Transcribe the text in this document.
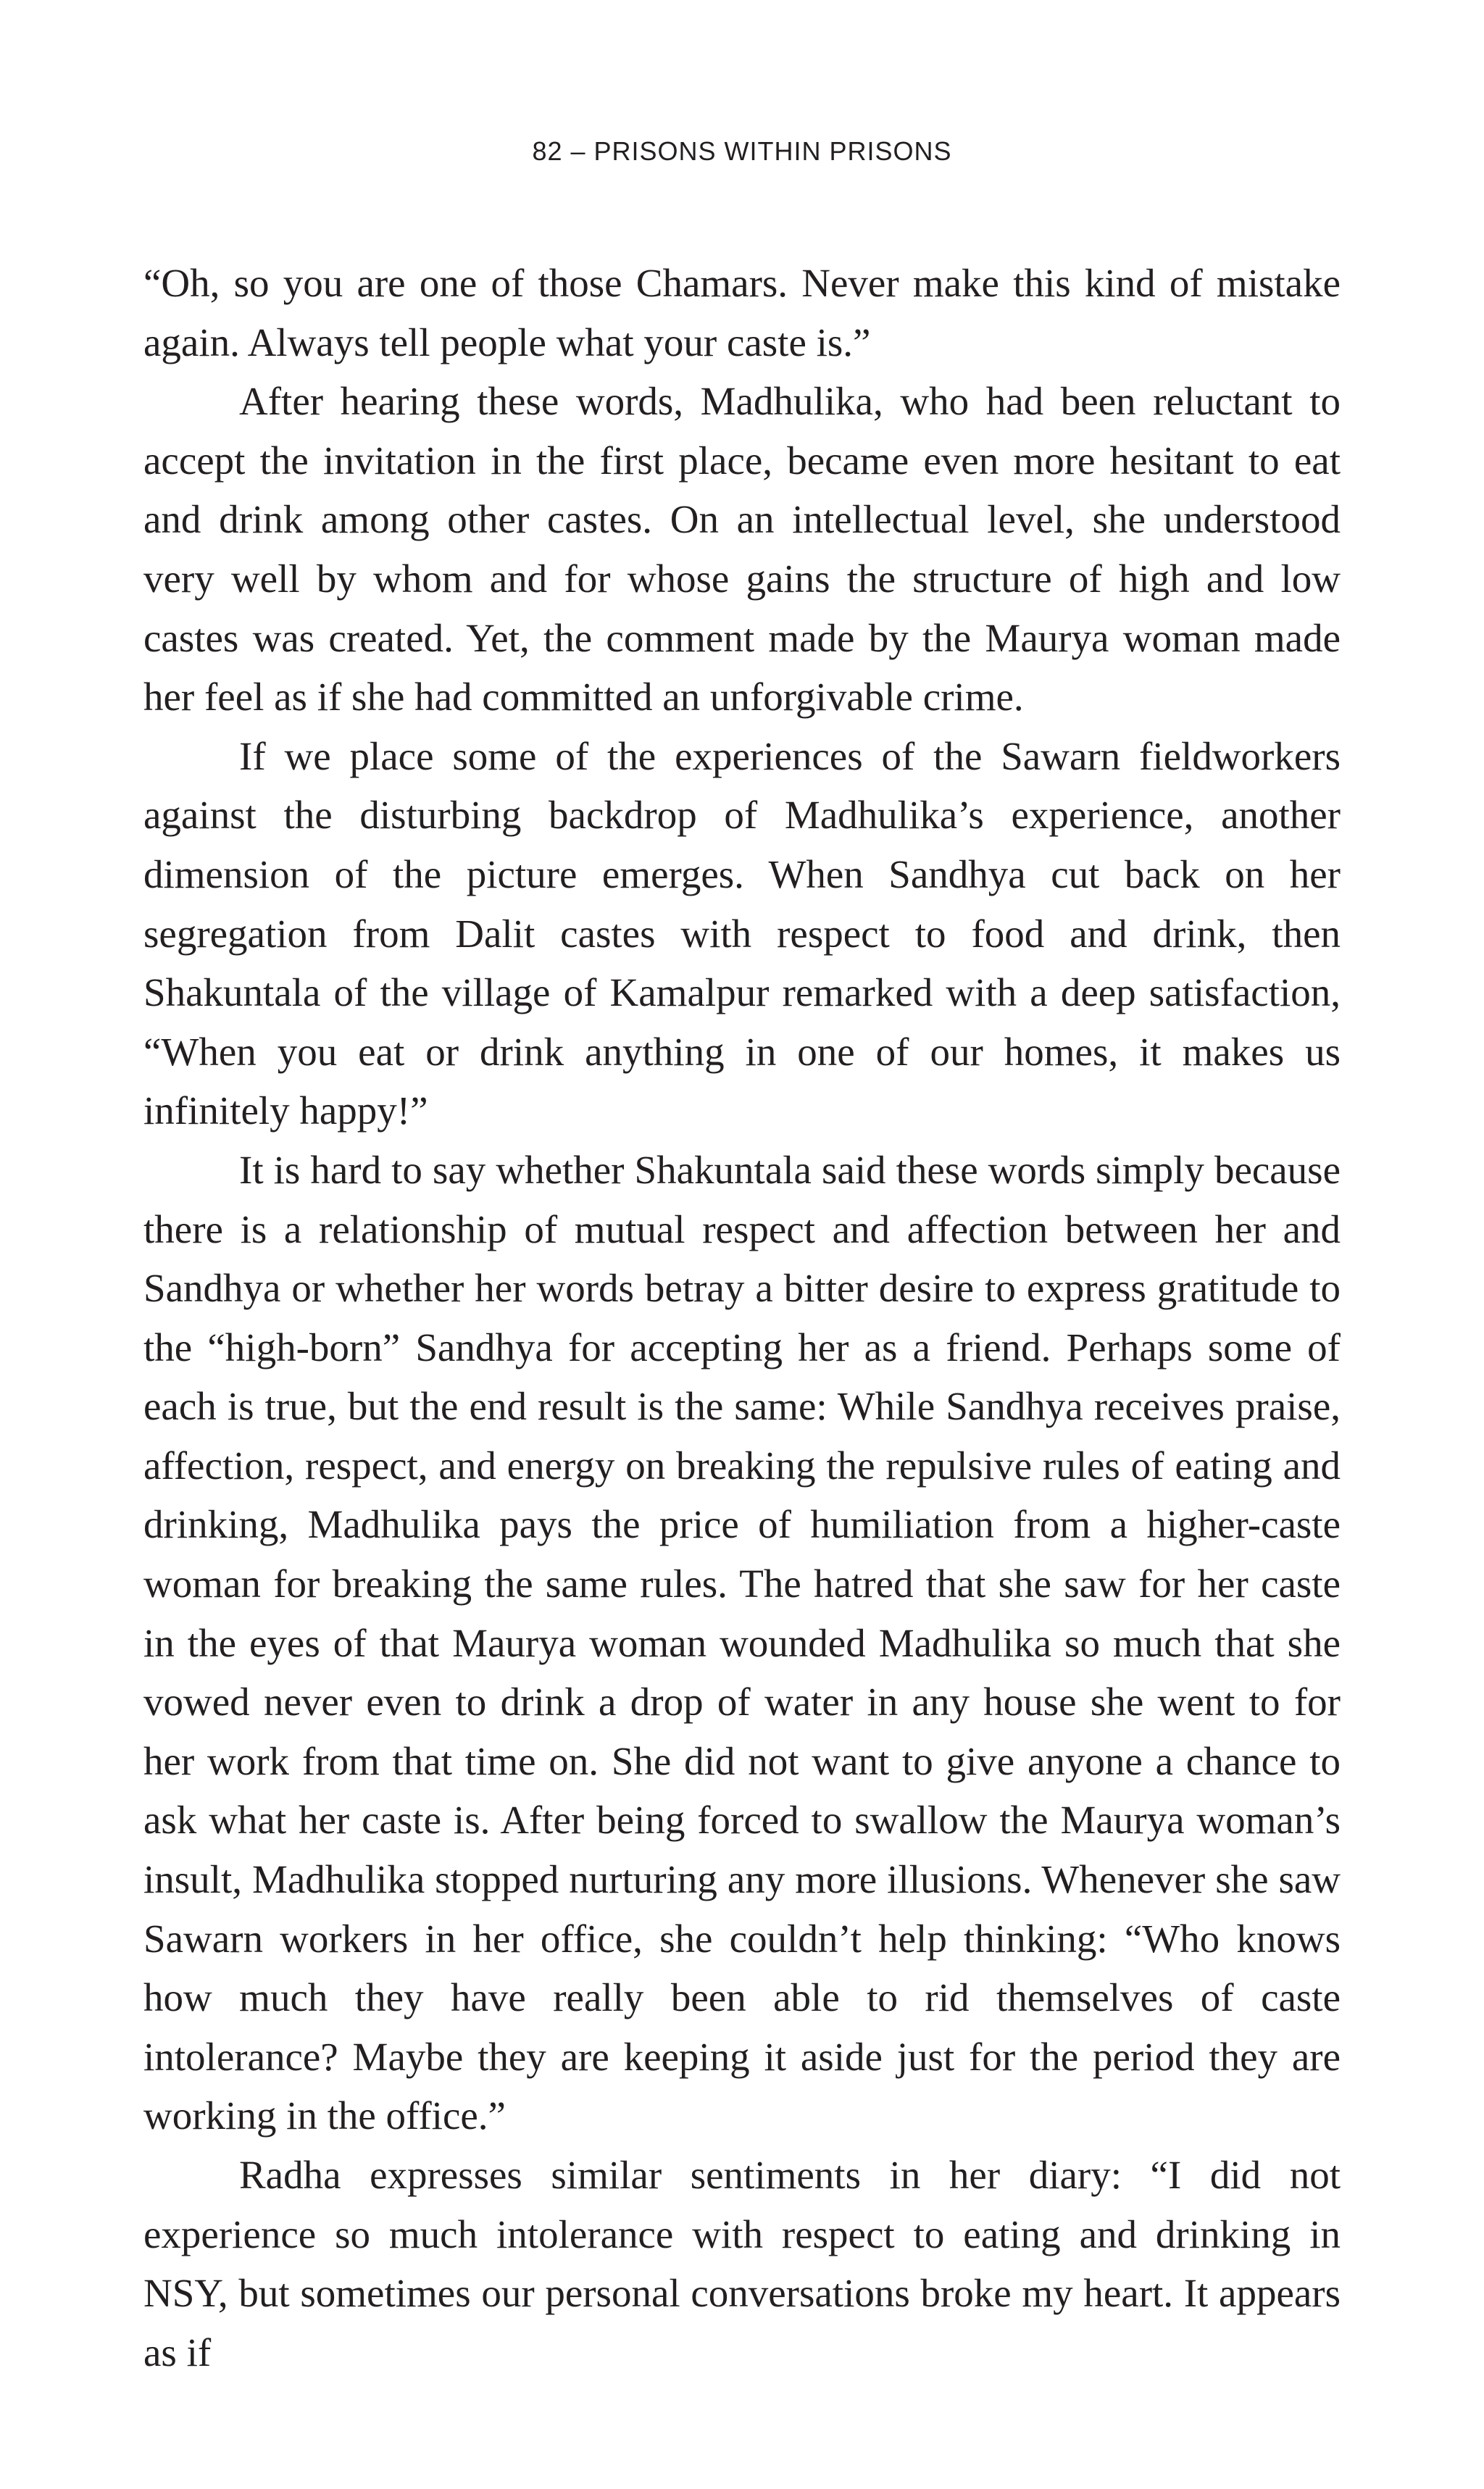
82 – PRISONS WITHIN PRISONS

“Oh, so you are one of those Chamars. Never make this kind of mistake again. Always tell people what your caste is.”

After hearing these words, Madhulika, who had been reluctant to accept the invitation in the first place, became even more hesitant to eat and drink among other castes. On an intellectual level, she understood very well by whom and for whose gains the structure of high and low castes was created. Yet, the comment made by the Maurya woman made her feel as if she had committed an unforgivable crime.

If we place some of the experiences of the Sawarn fieldworkers against the disturbing backdrop of Madhulika’s experience, another dimension of the picture emerges. When Sandhya cut back on her segregation from Dalit castes with respect to food and drink, then Shakuntala of the village of Kamalpur remarked with a deep satisfaction, “When you eat or drink anything in one of our homes, it makes us infinitely happy!”

It is hard to say whether Shakuntala said these words simply because there is a relationship of mutual respect and affection between her and Sandhya or whether her words betray a bitter desire to express gratitude to the “high-born” Sandhya for accepting her as a friend. Perhaps some of each is true, but the end result is the same: While Sandhya receives praise, affection, respect, and energy on breaking the repulsive rules of eating and drinking, Madhulika pays the price of humiliation from a higher-caste woman for breaking the same rules. The hatred that she saw for her caste in the eyes of that Maurya woman wounded Madhulika so much that she vowed never even to drink a drop of water in any house she went to for her work from that time on. She did not want to give anyone a chance to ask what her caste is. After being forced to swallow the Maurya woman’s insult, Madhulika stopped nurturing any more illusions. Whenever she saw Sawarn workers in her office, she couldn’t help thinking: “Who knows how much they have really been able to rid themselves of caste intolerance? Maybe they are keeping it aside just for the period they are working in the office.”

Radha expresses similar sentiments in her diary: “I did not experience so much intolerance with respect to eating and drinking in NSY, but sometimes our personal conversations broke my heart. It appears as if
